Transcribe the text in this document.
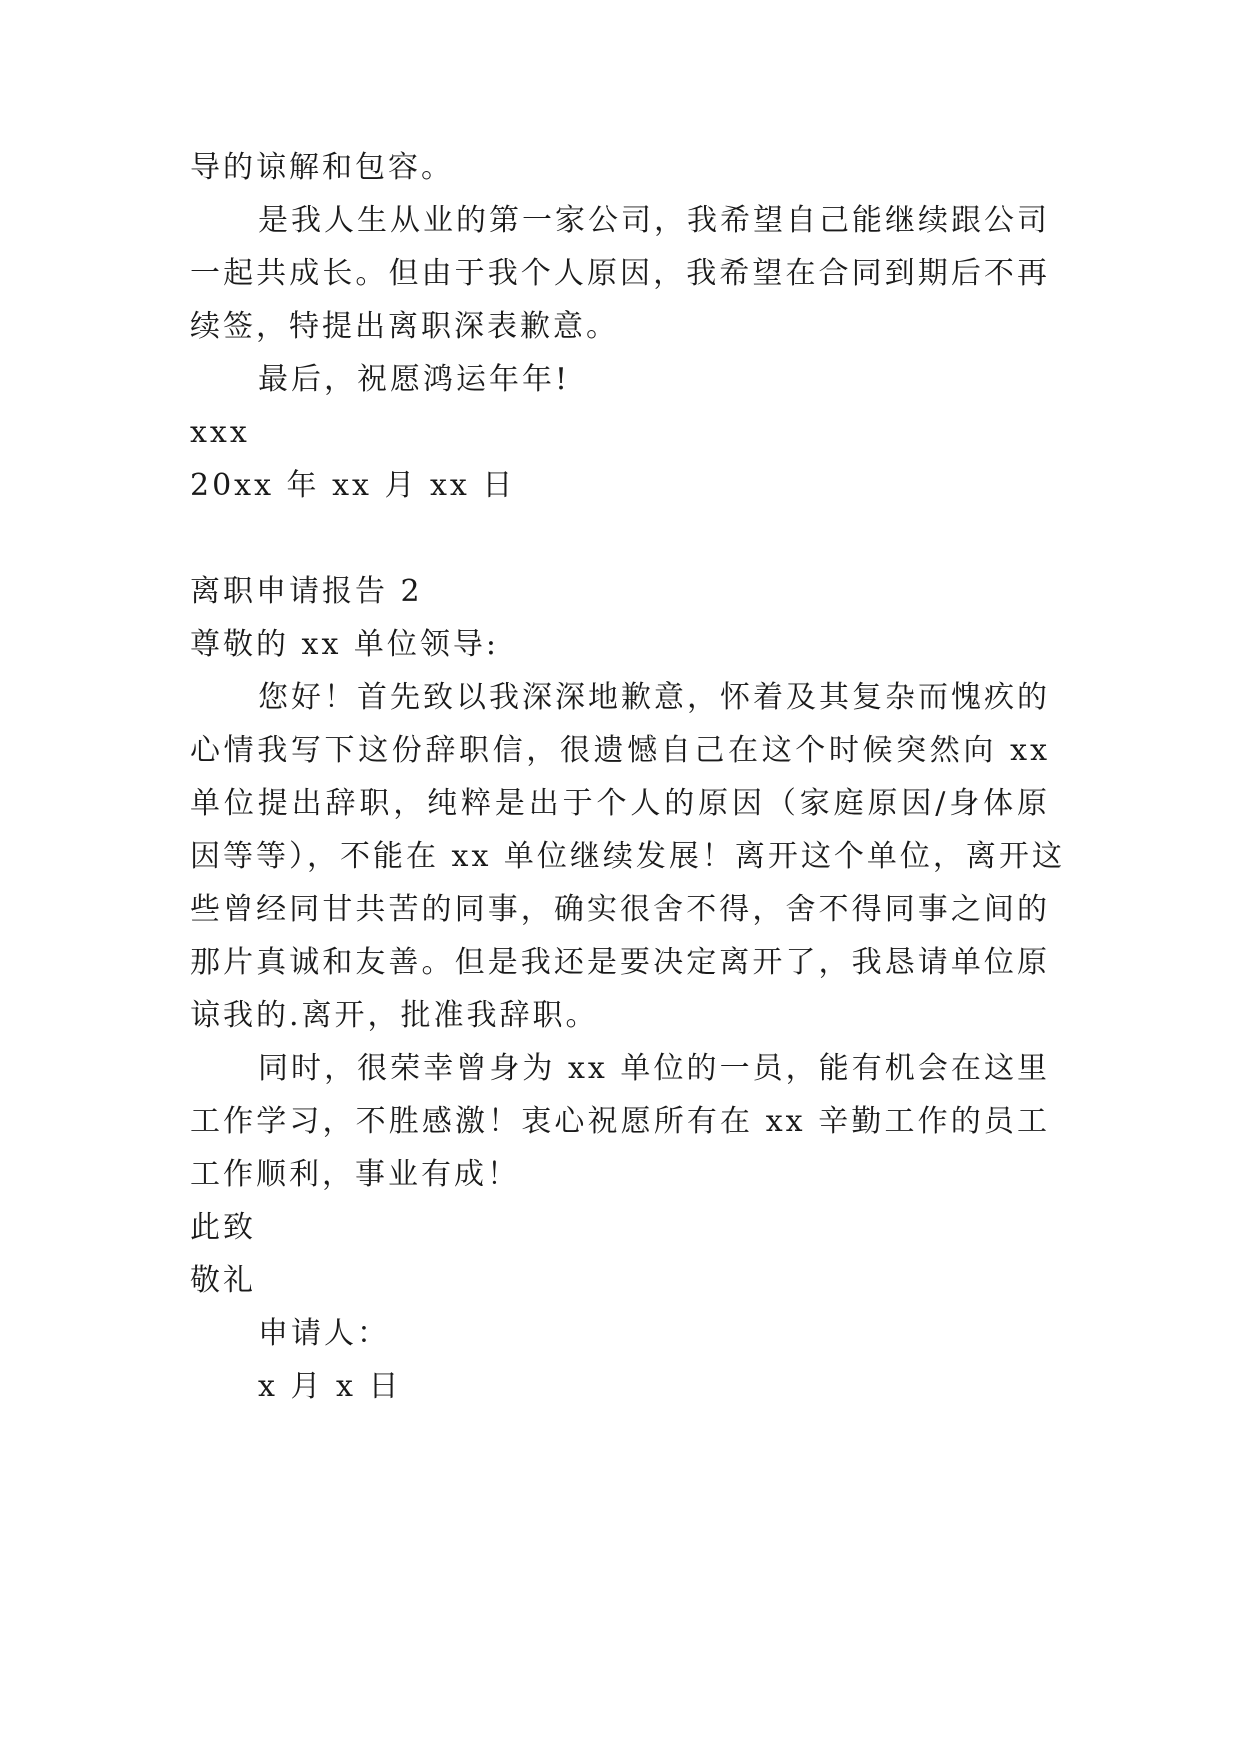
导的谅解和包容。

是我人生从业的第一家公司，我希望自己能继续跟公司

一起共成长。但由于我个人原因，我希望在合同到期后不再

续签，特提出离职深表歉意。

最后，祝愿鸿运年年!

xxx

20xx 年 xx 月 xx 日

离职申请报告 2

尊敬的 xx 单位领导:

您好！首先致以我深深地歉意，怀着及其复杂而愧疚的

心情我写下这份辞职信，很遗憾自己在这个时候突然向 xx

单位提出辞职，纯粹是出于个人的原因（家庭原因/身体原

因等等），不能在 xx 单位继续发展！离开这个单位，离开这

些曾经同甘共苦的同事，确实很舍不得，舍不得同事之间的

那片真诚和友善。但是我还是要决定离开了，我恳请单位原

谅我的.离开，批准我辞职。

同时，很荣幸曾身为 xx 单位的一员，能有机会在这里

工作学习，不胜感激！衷心祝愿所有在 xx 辛勤工作的员工

工作顺利，事业有成！

此致

敬礼

申请人：

x 月 x 日
